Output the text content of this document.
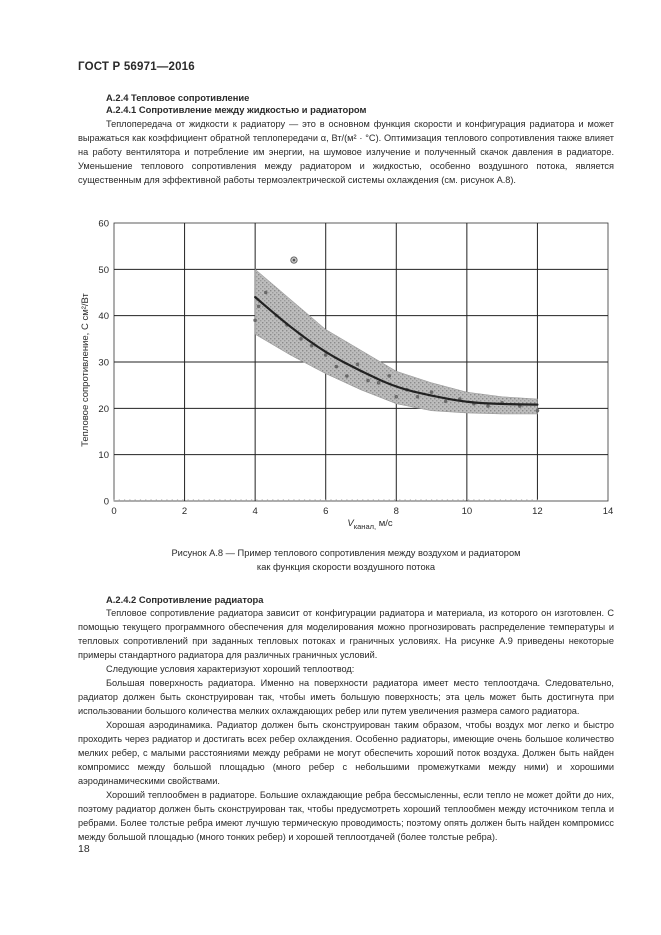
ГОСТ Р 56971—2016

А.2.4 Тепловое сопротивление

А.2.4.1 Сопротивление между жидкостью и радиатором

Теплопередача от жидкости к радиатору — это в основном функция скорости и конфигурация радиатора и может выражаться как коэффициент обратной теплопередачи α, Вт/(м² · °С). Оптимизация теплового сопротивления также влияет на работу вентилятора и потребление им энергии, на шумовое излучение и полученный скачок давления в радиаторе. Уменьшение теплового сопротивления между радиатором и жидкостью, особенно воздушного потока, является существенным для эффективной работы термоэлектрической системы охлаждения (см. рисунок А.8).

0	2	4	6	8	10	12	14
0
10
20
30
40
50
60
Тепловое сопротивление, С см²/Вт
$V_{канал,}$ м/с
Рисунок А.8 — Пример теплового сопротивления между воздухом и радиатором
как функция скорости воздушного потока

А.2.4.2 Сопротивление радиатора

Тепловое сопротивление радиатора зависит от конфигурации радиатора и материала, из которого он изготовлен. С помощью текущего программного обеспечения для моделирования можно прогнозировать распределение температуры и тепловых сопротивлений при заданных тепловых потоках и граничных условиях. На рисунке А.9 приведены некоторые примеры стандартного радиатора для различных граничных условий.

Следующие условия характеризуют хороший теплоотвод:

Большая поверхность радиатора. Именно на поверхности радиатора имеет место теплоотдача. Следовательно, радиатор должен быть сконструирован так, чтобы иметь большую поверхность; эта цель может быть достигнута при использовании большого количества мелких охлаждающих ребер или путем увеличения размера самого радиатора.

Хорошая аэродинамика. Радиатор должен быть сконструирован таким образом, чтобы воздух мог легко и быстро проходить через радиатор и достигать всех ребер охлаждения. Особенно радиаторы, имеющие очень большое количество мелких ребер, с малыми расстояниями между ребрами не могут обеспечить хороший поток воздуха. Должен быть найден компромисс между большой площадью (много ребер с небольшими промежутками между ними) и хорошими аэродинамическими свойствами.

Хороший теплообмен в радиаторе. Большие охлаждающие ребра бессмысленны, если тепло не может дойти до них, поэтому радиатор должен быть сконструирован так, чтобы предусмотреть хороший теплообмен между источником тепла и ребрами. Более толстые ребра имеют лучшую термическую проводимость; поэтому опять должен быть найден компромисс между большой площадью (много тонких ребер) и хорошей теплоотдачей (более толстые ребра).

18
